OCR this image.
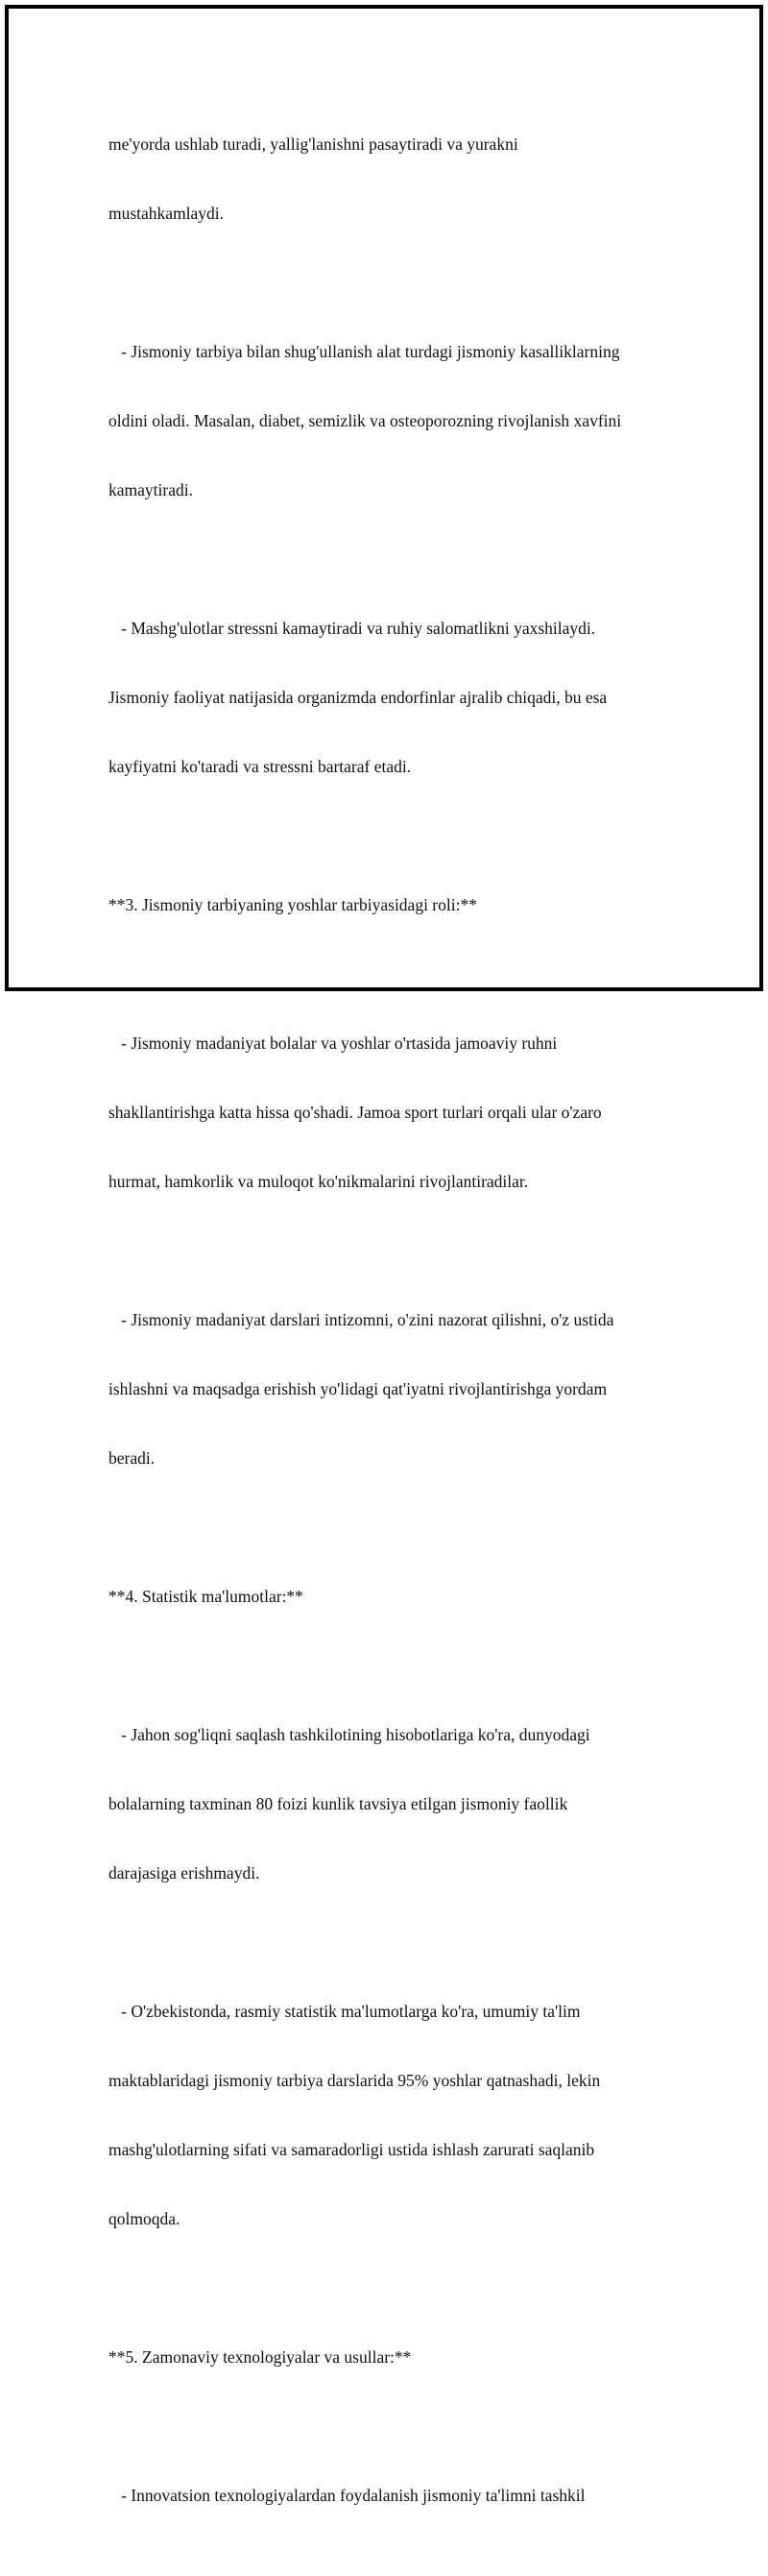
me'yorda ushlab turadi, yallig'lanishni pasaytiradi va yurakni

mustahkamlaydi.

- Jismoniy tarbiya bilan shug'ullanish alat turdagi jismoniy kasalliklarning

oldini oladi. Masalan, diabet, semizlik va osteoporozning rivojlanish xavfini

kamaytiradi.

- Mashg'ulotlar stressni kamaytiradi va ruhiy salomatlikni yaxshilaydi.

Jismoniy faoliyat natijasida organizmda endorfinlar ajralib chiqadi, bu esa

kayfiyatni ko'taradi va stressni bartaraf etadi.

**3. Jismoniy tarbiyaning yoshlar tarbiyasidagi roli:**

- Jismoniy madaniyat bolalar va yoshlar o'rtasida jamoaviy ruhni

shakllantirishga katta hissa qo'shadi. Jamoa sport turlari orqali ular o'zaro

hurmat, hamkorlik va muloqot ko'nikmalarini rivojlantiradilar.

- Jismoniy madaniyat darslari intizomni, o'zini nazorat qilishni, o'z ustida

ishlashni va maqsadga erishish yo'lidagi qat'iyatni rivojlantirishga yordam

beradi.

**4. Statistik ma'lumotlar:**

- Jahon sog'liqni saqlash tashkilotining hisobotlariga ko'ra, dunyodagi

bolalarning taxminan 80 foizi kunlik tavsiya etilgan jismoniy faollik

darajasiga erishmaydi.

- O'zbekistonda, rasmiy statistik ma'lumotlarga ko'ra, umumiy ta'lim

maktablaridagi jismoniy tarbiya darslarida 95% yoshlar qatnashadi, lekin

mashg'ulotlarning sifati va samaradorligi ustida ishlash zarurati saqlanib

qolmoqda.

**5. Zamonaviy texnologiyalar va usullar:**

- Innovatsion texnologiyalardan foydalanish jismoniy ta'limni tashkil
